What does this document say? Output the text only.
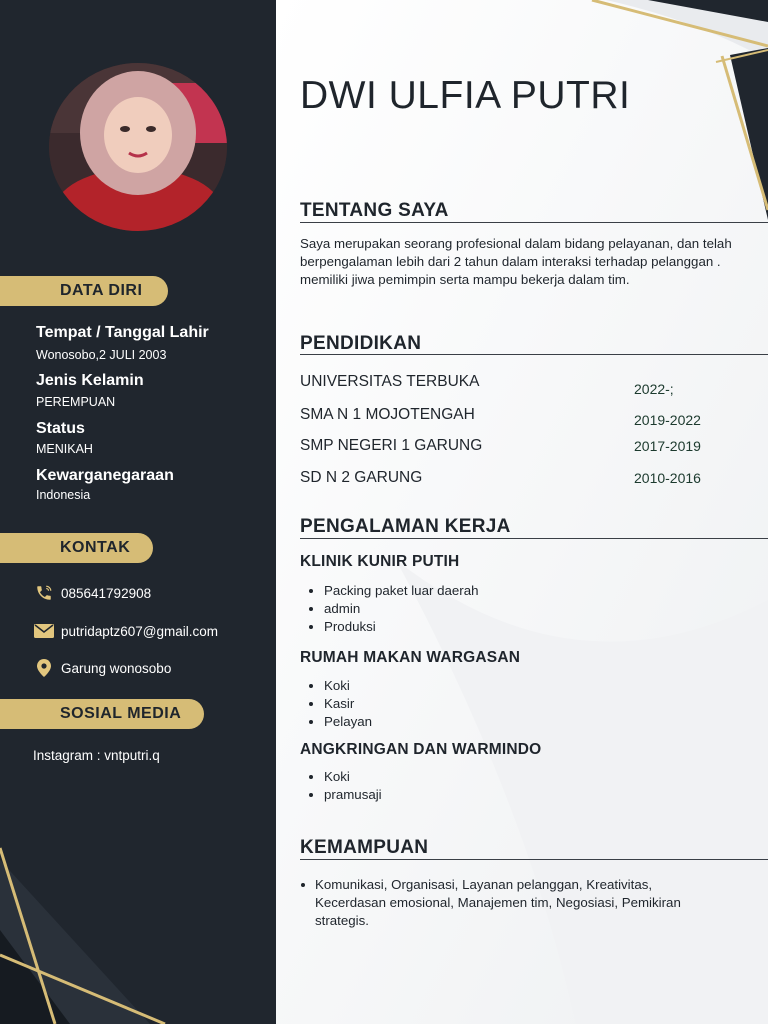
DATA DIRI
Tempat / Tanggal Lahir
Wonosobo,2 JULI 2003
Jenis Kelamin
PEREMPUAN
Status
MENIKAH
Kewarganegaraan
Indonesia
KONTAK
085641792908
putridaptz607@gmail.com
Garung wonosobo
SOSIAL MEDIA
Instagram : vntputri.q
DWI ULFIA PUTRI
TENTANG SAYA
Saya merupakan seorang profesional dalam bidang pelayanan, dan telah berpengalaman lebih dari 2 tahun dalam interaksi terhadap pelanggan . memiliki jiwa pemimpin serta mampu bekerja dalam tim.
PENDIDIKAN
UNIVERSITAS TERBUKA	2022-;
SMA N 1 MOJOTENGAH	2019-2022
SMP NEGERI 1 GARUNG	2017-2019
SD N 2 GARUNG	2010-2016
PENGALAMAN KERJA
KLINIK KUNIR PUTIH
Packing paket luar daerah
admin
Produksi
RUMAH MAKAN WARGASAN
Koki
Kasir
Pelayan
ANGKRINGAN DAN WARMINDO
Koki
pramusaji
KEMAMPUAN
Komunikasi, Organisasi, Layanan pelanggan, Kreativitas, Kecerdasan emosional, Manajemen tim, Negosiasi, Pemikiran strategis.
